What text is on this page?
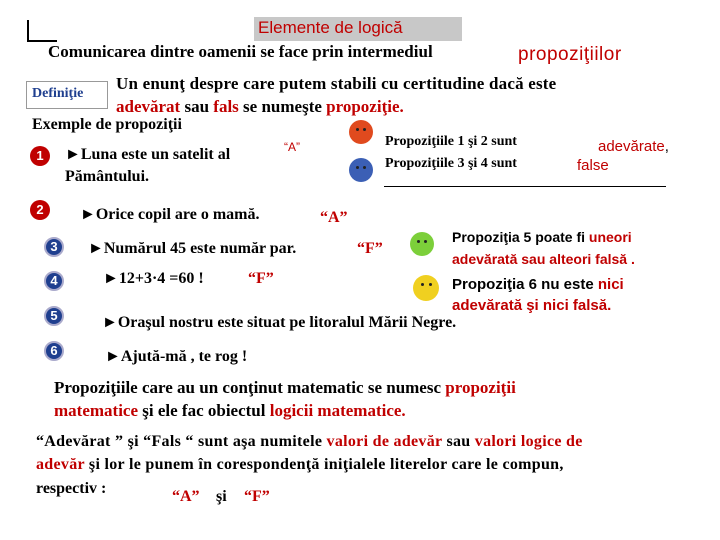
Elemente de logică
Comunicarea dintre oamenii se face prin intermediul	propoziţiilor
Definiţie
Un enunţ despre care putem stabili cu certitudine dacă este
adevărat sau fals se numeşte propoziţie.
Exemple de propoziţii
Propoziţiile 1 şi 2 sunt
Propoziţiile 3 şi 4 sunt
adevărate,
false
1	►Luna este un satelit al
Pământului.
“A”
2	►Orice copil are o mamă.	“A”
3	►Numărul 45 este număr par.	“F”
4	►12+3·4 =60 !	“F”
Propoziţia 5 poate fi uneori
adevărată sau alteori falsă .
Propoziţia 6 nu este nici
adevărată şi nici falsă.
5	►Oraşul nostru este situat pe litoralul Mării Negre.
6	►Ajută-mă , te rog !
Propoziţiile care au un conţinut matematic se numesc propoziţii
matematice şi ele fac obiectul logicii matematice.
“Adevărat ” şi “Fals “ sunt aşa numitele valori de adevăr sau valori logice de
adevăr şi lor le punem în corespondenţă iniţialele literelor care le compun,
respectiv :	“A” şi “F”
